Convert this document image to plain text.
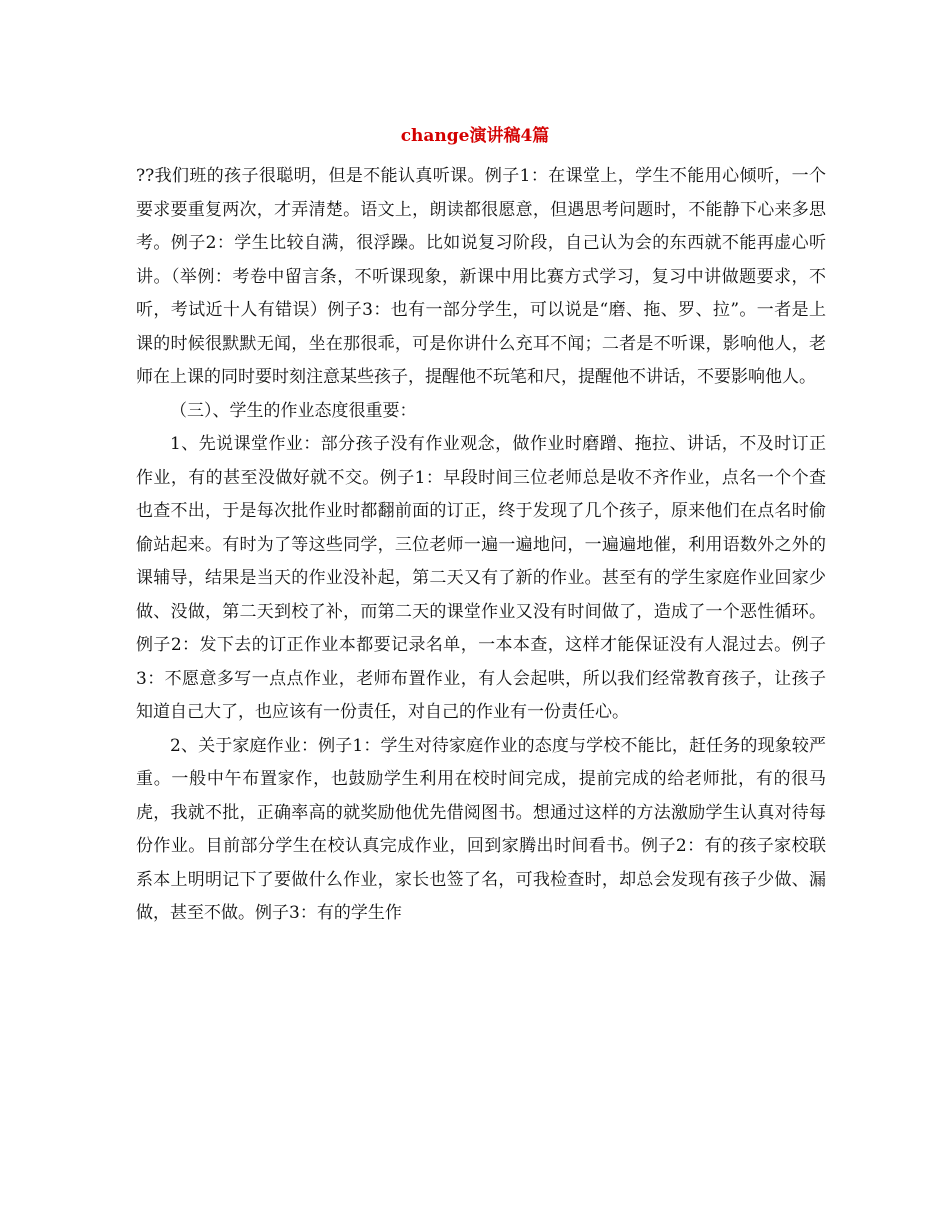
change演讲稿4篇

??我们班的孩子很聪明，但是不能认真听课。例子1：在课堂上，学生不能用心倾听，一个要求要重复两次，才弄清楚。语文上，朗读都很愿意，但遇思考问题时，不能静下心来多思考。例子2：学生比较自满，很浮躁。比如说复习阶段，自己认为会的东西就不能再虚心听讲。（举例：考卷中留言条，不听课现象，新课中用比赛方式学习，复习中讲做题要求，不听，考试近十人有错误）例子3：也有一部分学生，可以说是“磨、拖、罗、拉”。一者是上课的时候很默默无闻，坐在那很乖，可是你讲什么充耳不闻；二者是不听课，影响他人，老师在上课的同时要时刻注意某些孩子，提醒他不玩笔和尺，提醒他不讲话，不要影响他人。

（三）、学生的作业态度很重要：

1、先说课堂作业：部分孩子没有作业观念，做作业时磨蹭、拖拉、讲话，不及时订正作业，有的甚至没做好就不交。例子1：早段时间三位老师总是收不齐作业，点名一个个查也查不出，于是每次批作业时都翻前面的订正，终于发现了几个孩子，原来他们在点名时偷偷站起来。有时为了等这些同学，三位老师一遍一遍地问，一遍遍地催，利用语数外之外的课辅导，结果是当天的作业没补起，第二天又有了新的作业。甚至有的学生家庭作业回家少做、没做，第二天到校了补，而第二天的课堂作业又没有时间做了，造成了一个恶性循环。例子2：发下去的订正作业本都要记录名单，一本本查，这样才能保证没有人混过去。例子3：不愿意多写一点点作业，老师布置作业，有人会起哄，所以我们经常教育孩子，让孩子知道自己大了，也应该有一份责任，对自己的作业有一份责任心。

2、关于家庭作业：例子1：学生对待家庭作业的态度与学校不能比，赶任务的现象较严重。一般中午布置家作，也鼓励学生利用在校时间完成，提前完成的给老师批，有的很马虎，我就不批，正确率高的就奖励他优先借阅图书。想通过这样的方法激励学生认真对待每份作业。目前部分学生在校认真完成作业，回到家腾出时间看书。例子2：有的孩子家校联系本上明明记下了要做什么作业，家长也签了名，可我检查时，却总会发现有孩子少做、漏做，甚至不做。例子3：有的学生作
